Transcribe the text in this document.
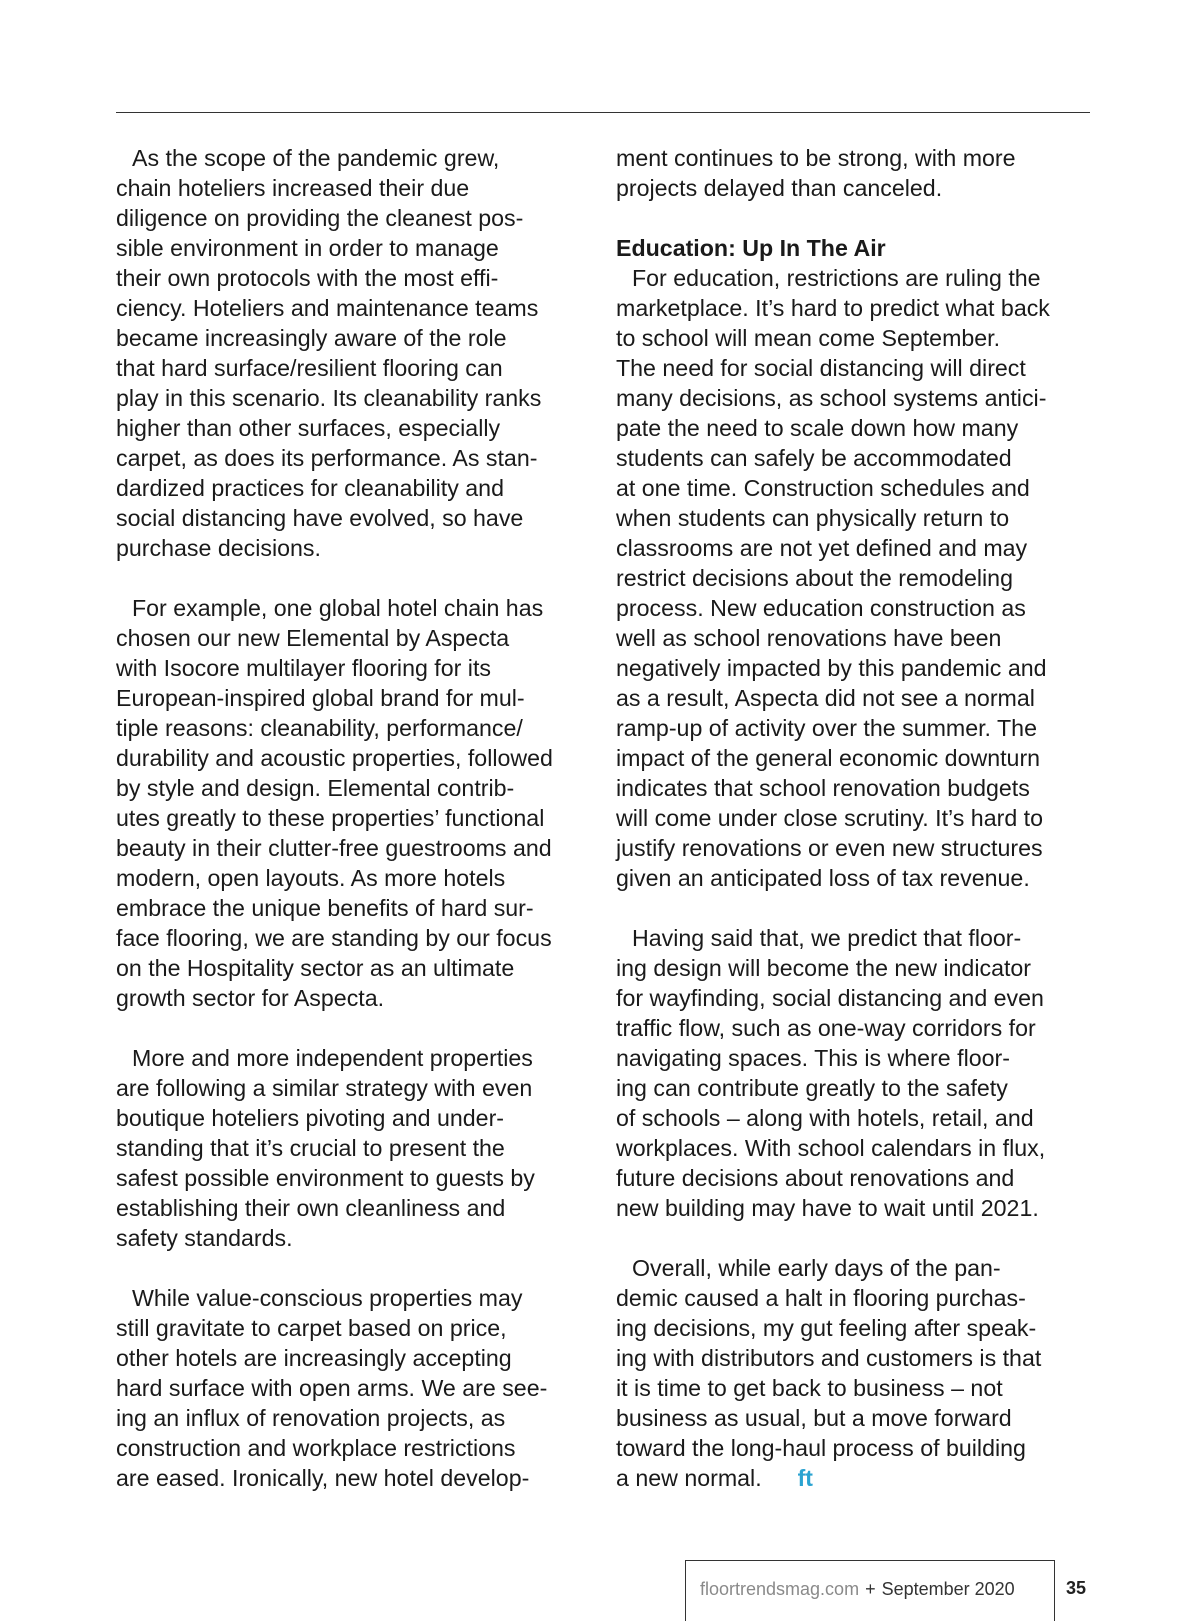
As the scope of the pandemic grew,
chain hoteliers increased their due
diligence on providing the cleanest pos-
sible environment in order to manage
their own protocols with the most effi-
ciency. Hoteliers and maintenance teams
became increasingly aware of the role
that hard surface/resilient flooring can
play in this scenario. Its cleanability ranks
higher than other surfaces, especially
carpet, as does its performance. As stan-
dardized practices for cleanability and
social distancing have evolved, so have
purchase decisions.
For example, one global hotel chain has
chosen our new Elemental by Aspecta
with Isocore multilayer flooring for its
European-inspired global brand for mul-
tiple reasons: cleanability, performance/
durability and acoustic properties, followed
by style and design. Elemental contrib-
utes greatly to these properties’ functional
beauty in their clutter-free guestrooms and
modern, open layouts. As more hotels
embrace the unique benefits of hard sur-
face flooring, we are standing by our focus
on the Hospitality sector as an ultimate
growth sector for Aspecta.
More and more independent properties
are following a similar strategy with even
boutique hoteliers pivoting and under-
standing that it’s crucial to present the
safest possible environment to guests by
establishing their own cleanliness and
safety standards.
While value-conscious properties may
still gravitate to carpet based on price,
other hotels are increasingly accepting
hard surface with open arms. We are see-
ing an influx of renovation projects, as
construction and workplace restrictions
are eased. Ironically, new hotel develop-
ment continues to be strong, with more
projects delayed than canceled.
Education: Up In The Air
For education, restrictions are ruling the
marketplace. It’s hard to predict what back
to school will mean come September.
The need for social distancing will direct
many decisions, as school systems antici-
pate the need to scale down how many
students can safely be accommodated
at one time. Construction schedules and
when students can physically return to
classrooms are not yet defined and may
restrict decisions about the remodeling
process. New education construction as
well as school renovations have been
negatively impacted by this pandemic and
as a result, Aspecta did not see a normal
ramp-up of activity over the summer. The
impact of the general economic downturn
indicates that school renovation budgets
will come under close scrutiny. It’s hard to
justify renovations or even new structures
given an anticipated loss of tax revenue.
Having said that, we predict that floor-
ing design will become the new indicator
for wayfinding, social distancing and even
traffic flow, such as one-way corridors for
navigating spaces. This is where floor-
ing can contribute greatly to the safety
of schools – along with hotels, retail, and
workplaces. With school calendars in flux,
future decisions about renovations and
new building may have to wait until 2021.
Overall, while early days of the pan-
demic caused a halt in flooring purchas-
ing decisions, my gut feeling after speak-
ing with distributors and customers is that
it is time to get back to business – not
business as usual, but a move forward
toward the long-haul process of building
a new normal. ft
floortrendsmag.com + September 2020	35
